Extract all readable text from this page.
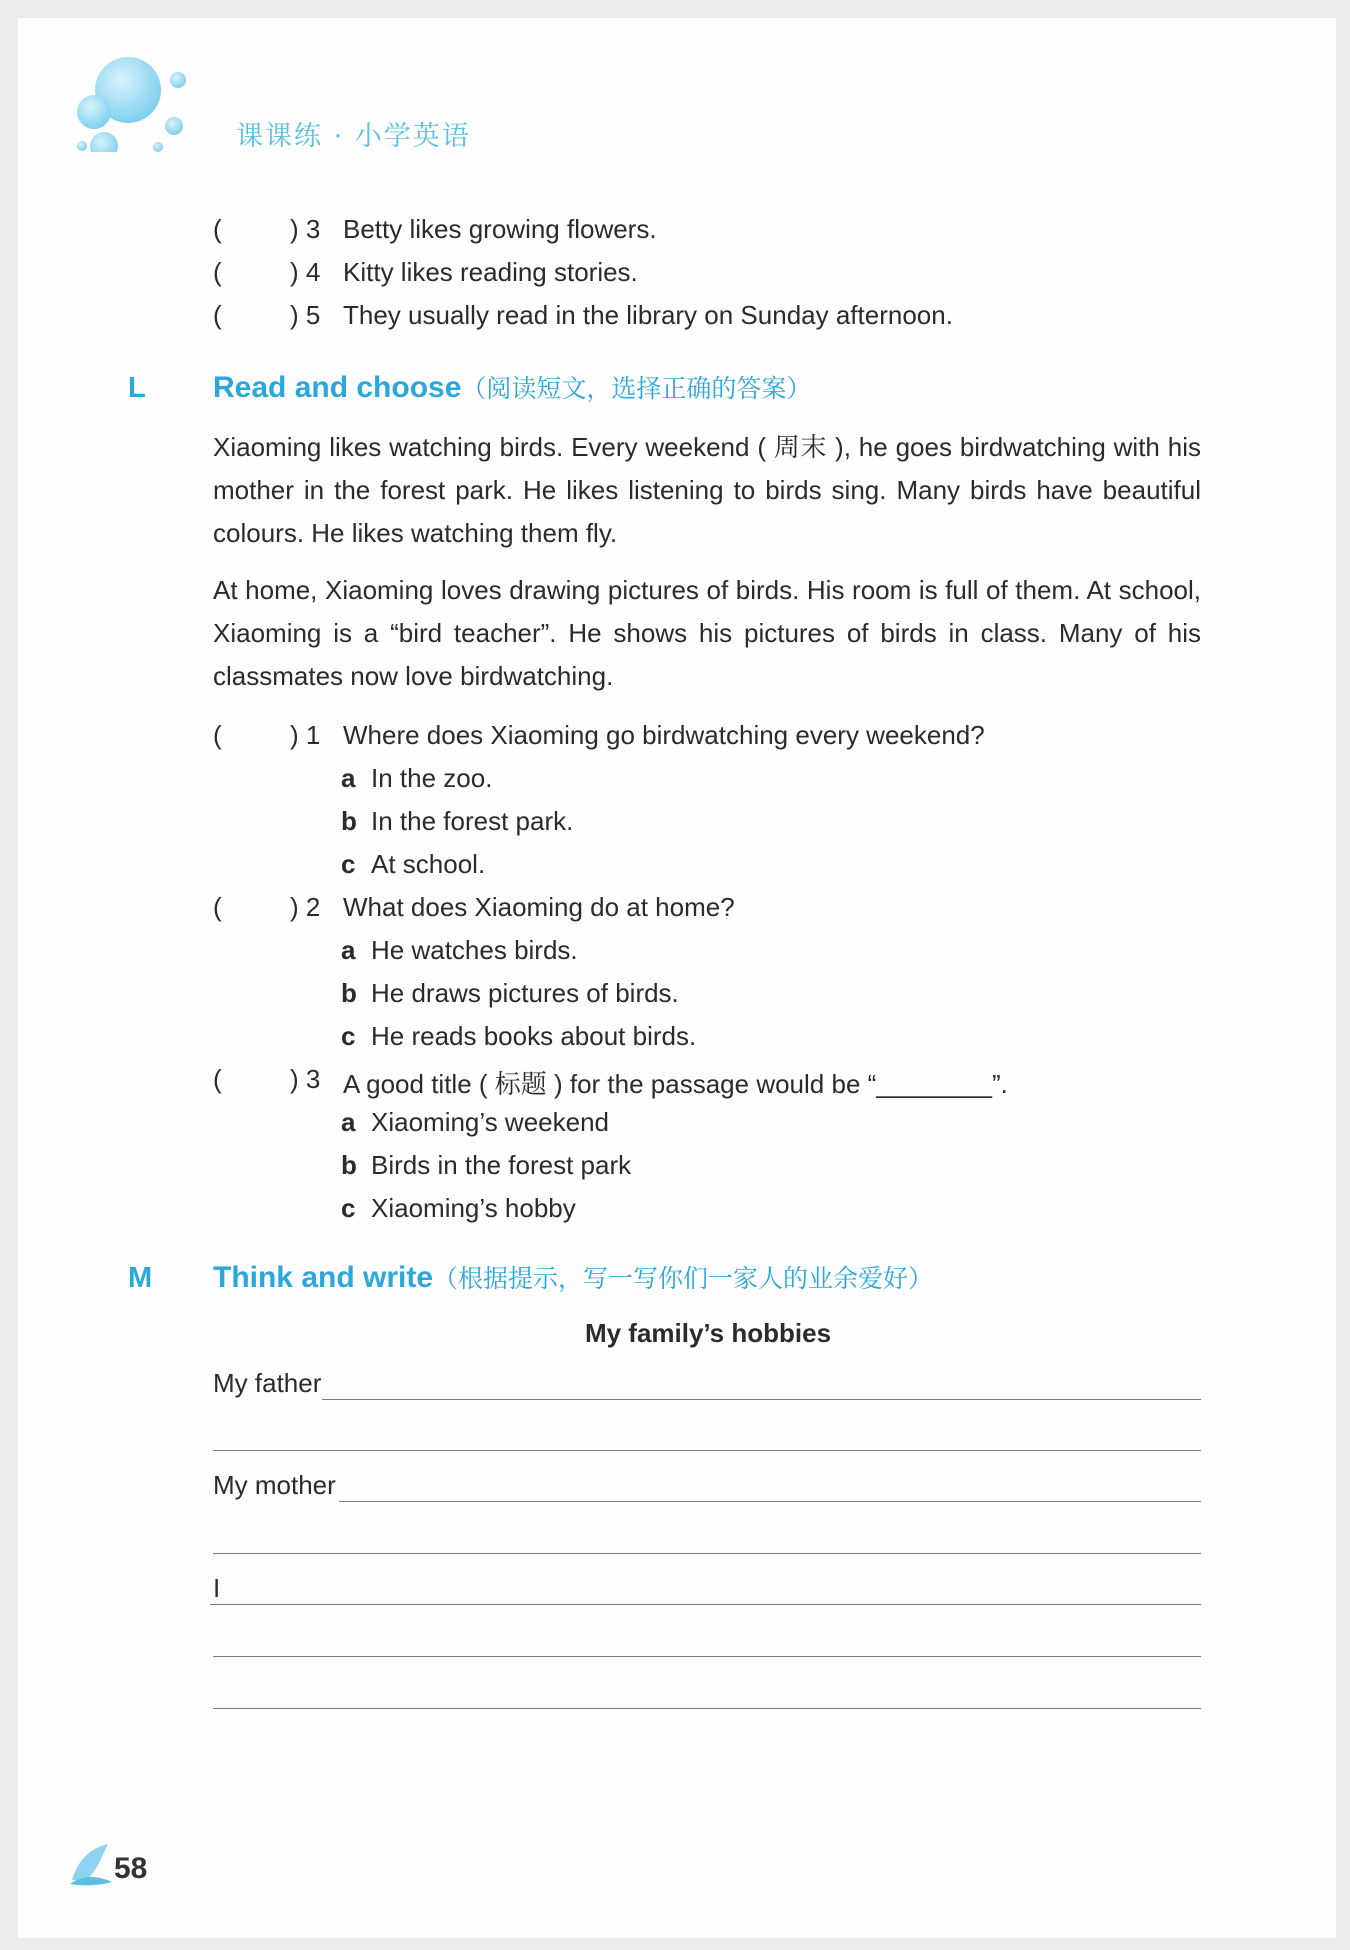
课课练 · 小学英语
(	) 3 Betty likes growing flowers.
(	) 4 Kitty likes reading stories.
(	) 5 They usually read in the library on Sunday afternoon.
L Read and choose（阅读短文，选择正确的答案）

Xiaoming likes watching birds. Every weekend ( 周末 ), he goes birdwatching with his mother in the forest park. He likes listening to birds sing. Many birds have beautiful colours. He likes watching them fly.

At home, Xiaoming loves drawing pictures of birds. His room is full of them. At school, Xiaoming is a “bird teacher”. He shows his pictures of birds in class. Many of his classmates now love birdwatching.

(	) 1 Where does Xiaoming go birdwatching every weekend?
a In the zoo.
b In the forest park.
c At school.
(	) 2 What does Xiaoming do at home?
a He watches birds.
b He draws pictures of birds.
c He reads books about birds.
(	) 3 A good title ( 标题 ) for the passage would be “________”.
a Xiaoming’s weekend
b Birds in the forest park
c Xiaoming’s hobby
M Think and write（根据提示，写一写你们一家人的业余爱好）
My family’s hobbies
My father
My mother
I
58
